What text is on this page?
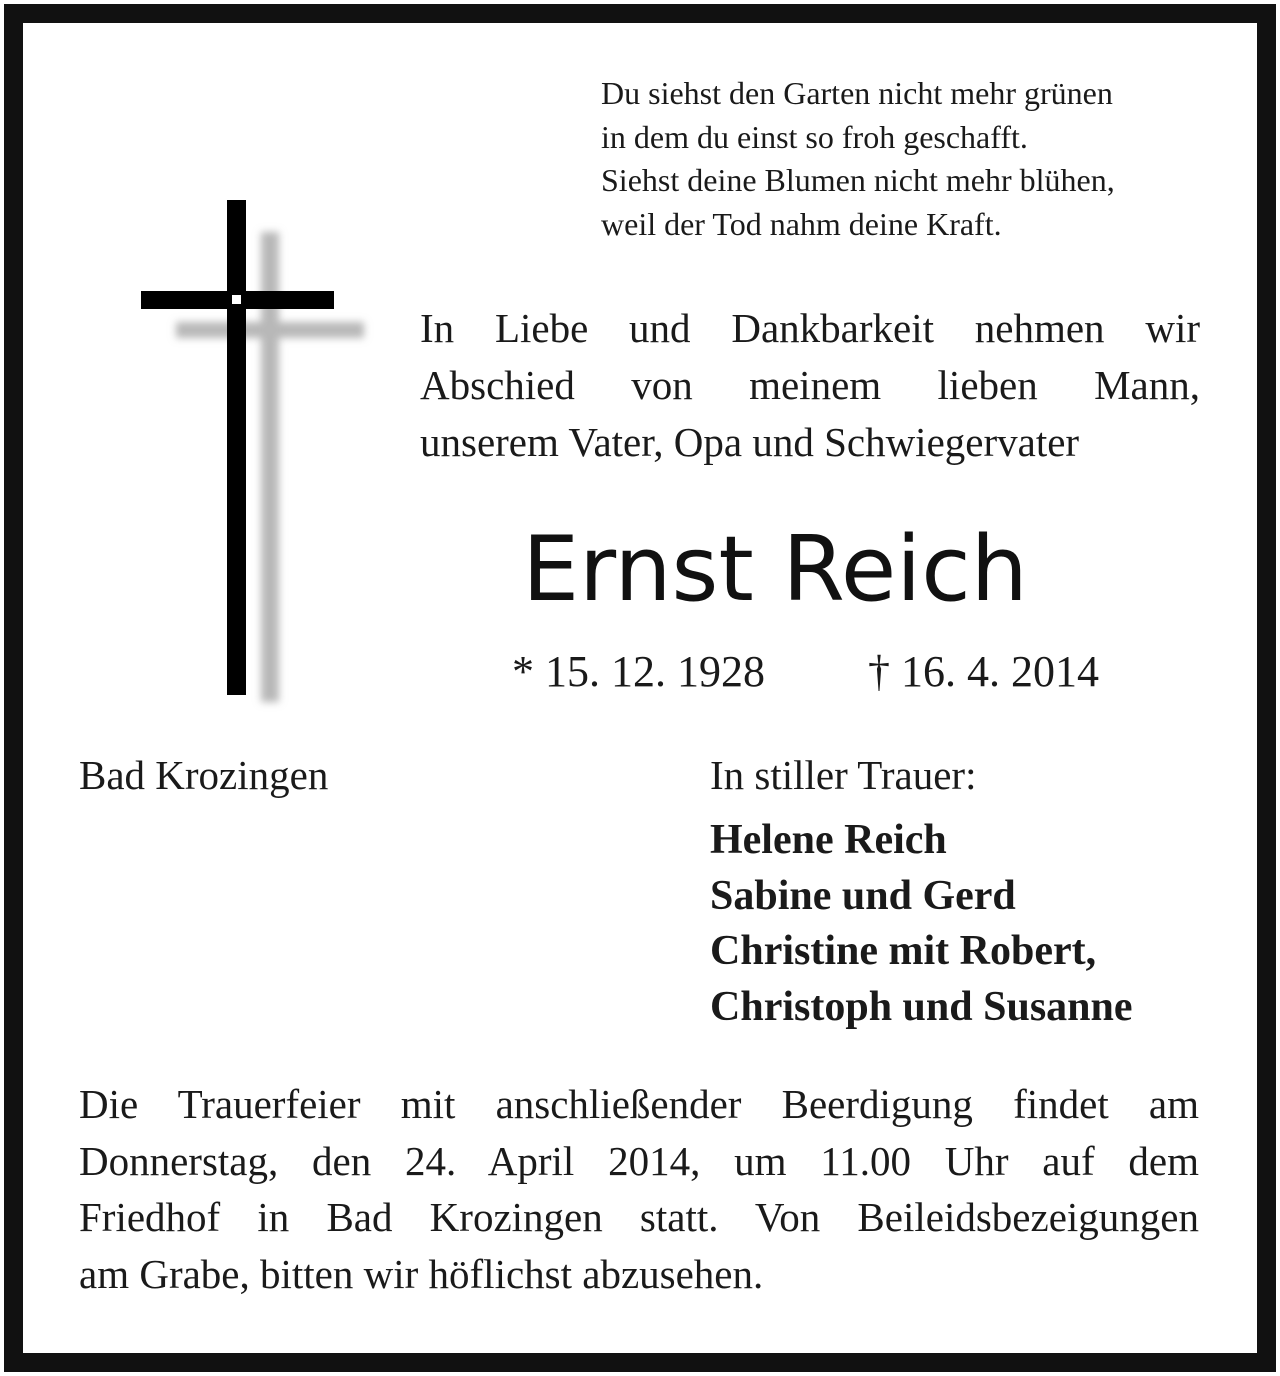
Du siehst den Garten nicht mehr grünen
in dem du einst so froh geschafft.
Siehst deine Blumen nicht mehr blühen,
weil der Tod nahm deine Kraft.
In Liebe und Dankbarkeit nehmen wir
Abschied von meinem lieben Mann,
unserem Vater, Opa und Schwiegervater
Ernst Reich
* 15. 12. 1928 † 16. 4. 2014
Bad Krozingen	In stiller Trauer:
Helene Reich
Sabine und Gerd
Christine mit Robert,
Christoph und Susanne
Die Trauerfeier mit anschließender Beerdigung findet am
Donnerstag, den 24. April 2014, um 11.00 Uhr auf dem
Friedhof in Bad Krozingen statt. Von Beileidsbezeigungen
am Grabe, bitten wir höflichst abzusehen.
